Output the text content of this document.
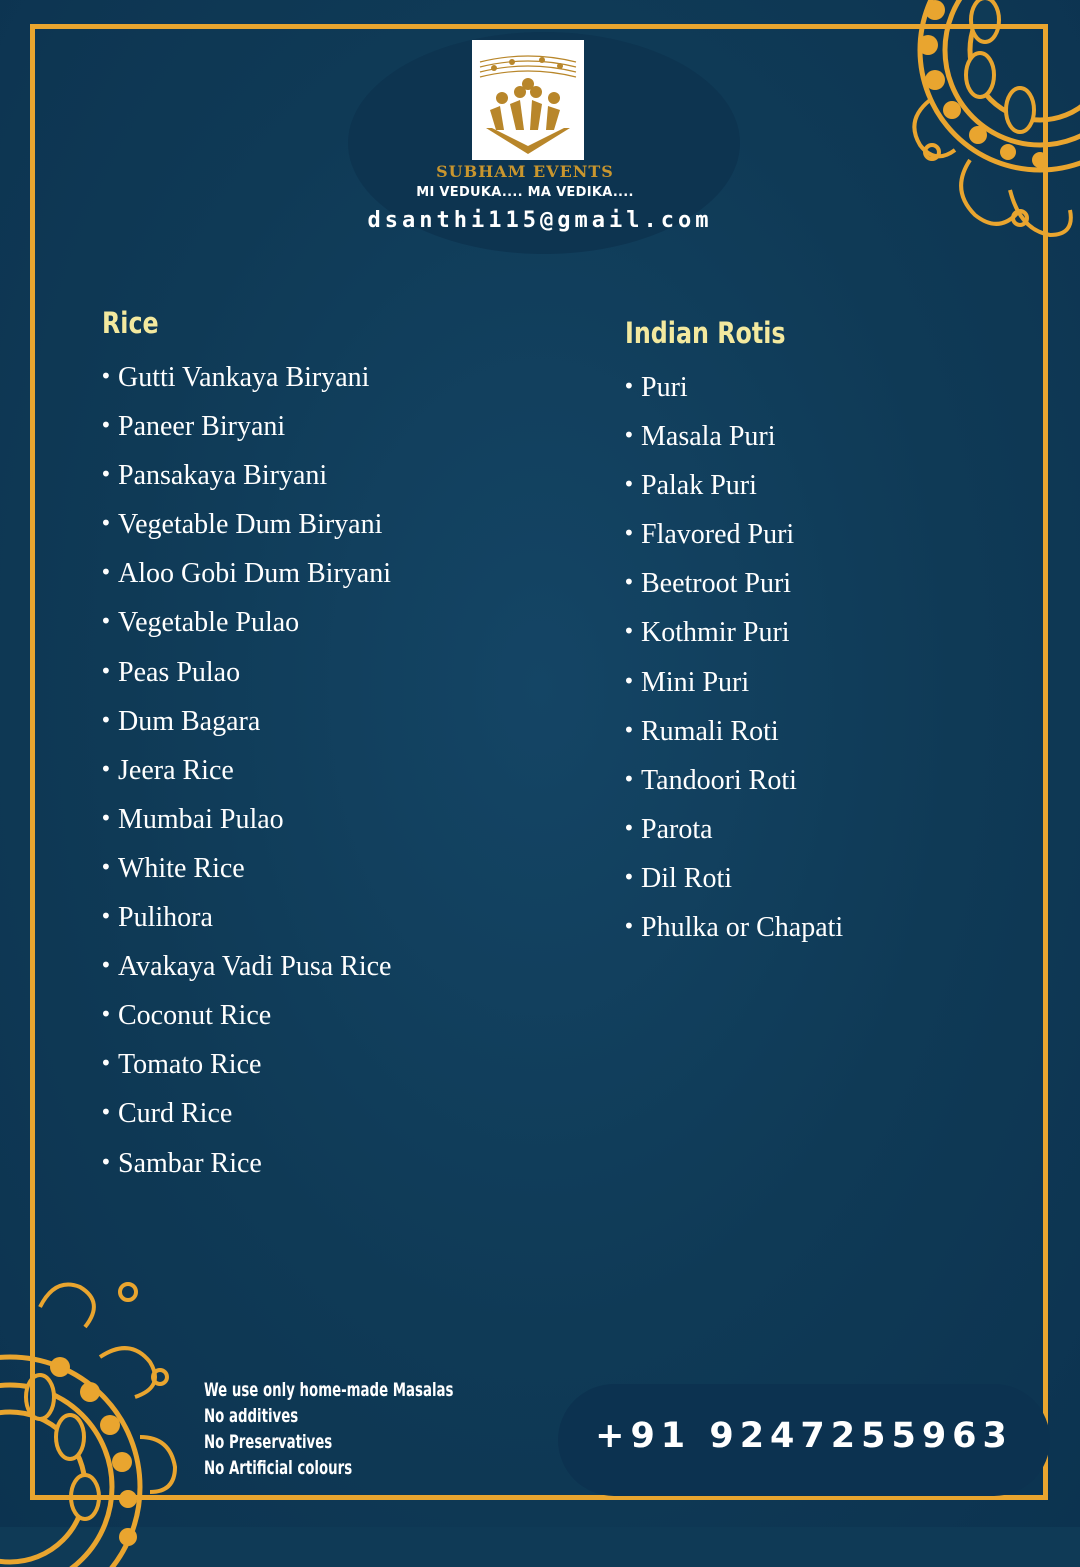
SUBHAM EVENTS
MI VEDUKA.... MA VEDIKA....
dsanthi115@gmail.com
Rice
• Gutti Vankaya Biryani
• Paneer Biryani
• Pansakaya Biryani
• Vegetable Dum Biryani
• Aloo Gobi Dum Biryani
• Vegetable Pulao
• Peas Pulao
• Dum Bagara
• Jeera Rice
• Mumbai Pulao
• White Rice
• Pulihora
• Avakaya Vadi Pusa Rice
• Coconut Rice
• Tomato Rice
• Curd Rice
• Sambar Rice
Indian Rotis
• Puri
• Masala Puri
• Palak Puri
• Flavored Puri
• Beetroot Puri
• Kothmir Puri
• Mini Puri
• Rumali Roti
• Tandoori Roti
• Parota
• Dil Roti
• Phulka or Chapati
We use only home-made Masalas
No additives
No Preservatives
No Artificial colours
+91 9247255963
